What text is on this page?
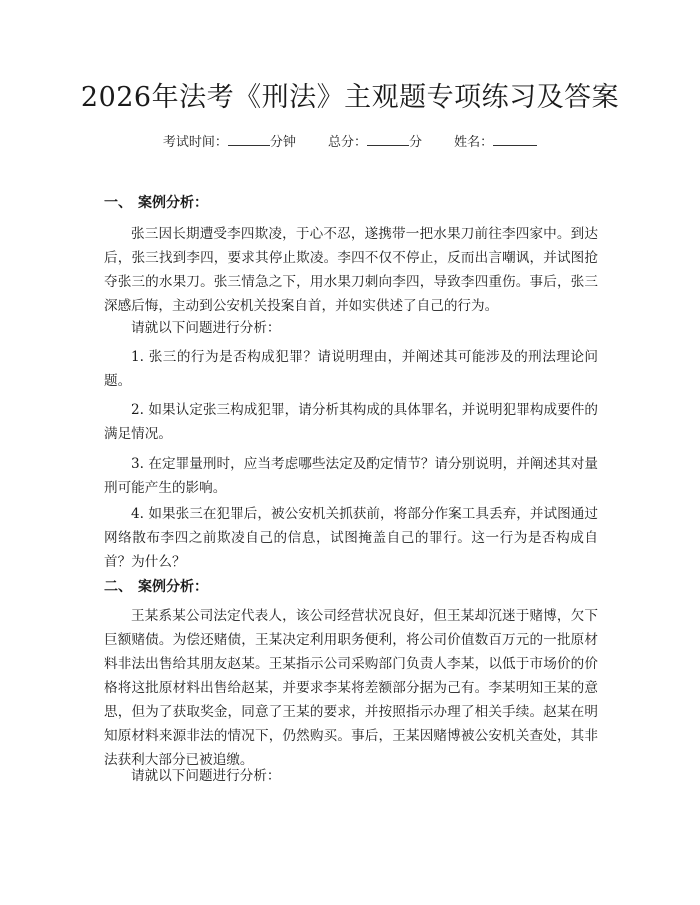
2026年法考《刑法》主观题专项练习及答案
考试时间：	分钟 总分：	分 姓名：
一、 案例分析：

张三因长期遭受李四欺凌，于心不忍，遂携带一把水果刀前往李四家中。到达后，张三找到李四，要求其停止欺凌。李四不仅不停止，反而出言嘲讽，并试图抢夺张三的水果刀。张三情急之下，用水果刀刺向李四，导致李四重伤。事后，张三深感后悔，主动到公安机关投案自首，并如实供述了自己的行为。

请就以下问题进行分析：

1. 张三的行为是否构成犯罪？请说明理由，并阐述其可能涉及的刑法理论问题。

2. 如果认定张三构成犯罪，请分析其构成的具体罪名，并说明犯罪构成要件的满足情况。

3. 在定罪量刑时，应当考虑哪些法定及酌定情节？请分别说明，并阐述其对量刑可能产生的影响。

4. 如果张三在犯罪后，被公安机关抓获前，将部分作案工具丢弃，并试图通过网络散布李四之前欺凌自己的信息，试图掩盖自己的罪行。这一行为是否构成自首？为什么？

二、 案例分析：

王某系某公司法定代表人，该公司经营状况良好，但王某却沉迷于赌博，欠下巨额赌债。为偿还赌债，王某决定利用职务便利，将公司价值数百万元的一批原材料非法出售给其朋友赵某。王某指示公司采购部门负责人李某，以低于市场价的价格将这批原材料出售给赵某，并要求李某将差额部分据为己有。李某明知王某的意思，但为了获取奖金，同意了王某的要求，并按照指示办理了相关手续。赵某在明知原材料来源非法的情况下，仍然购买。事后，王某因赌博被公安机关查处，其非法获利大部分已被追缴。

请就以下问题进行分析：
